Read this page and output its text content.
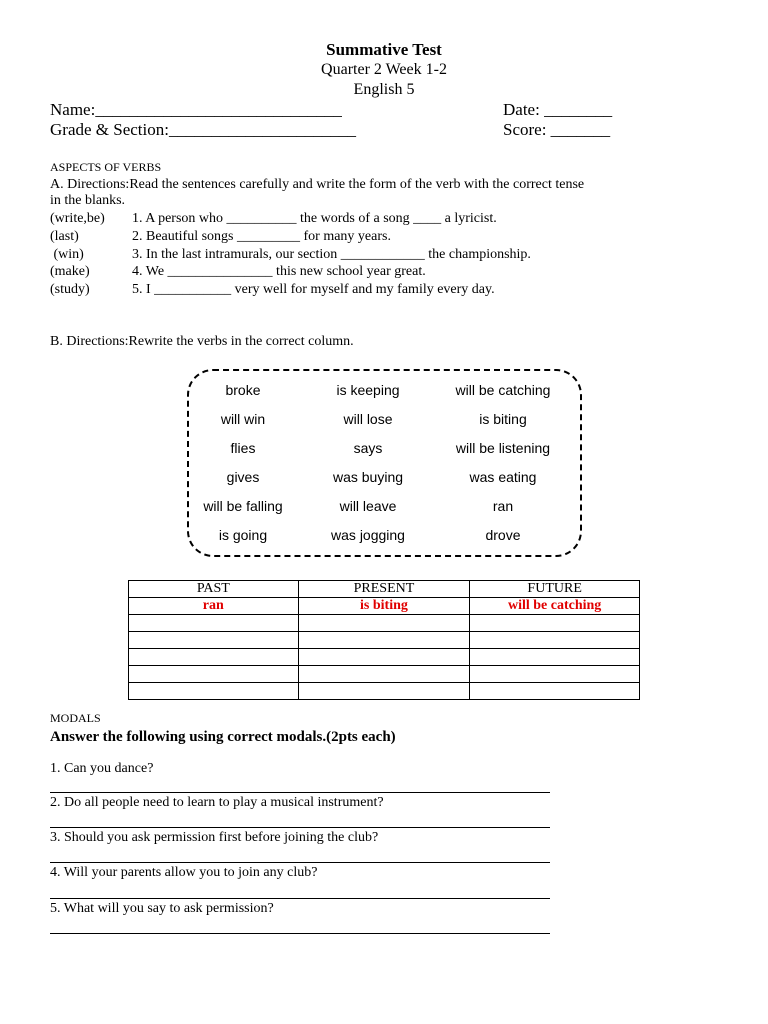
Summative Test
Quarter 2 Week 1-2
English 5
Name:_____________________________	Date: ________
Grade & Section:______________________	Score: _______
ASPECTS OF VERBS
A. Directions:Read the sentences carefully and write the form of the verb with the correct tense
in the blanks.
(write,be) 1. A person who __________ the words of a song ____ a lyricist.
(last)	2. Beautiful songs _________ for many years.
(win)	3. In the last intramurals, our section ____________ the championship.
(make)	4. We _______________ this new school year great.
(study)	5. I ___________ very well for myself and my family every day.
B. Directions:Rewrite the verbs in the correct column.
broke	is keeping	will be catching
will win	will lose	is biting
flies	says	will be listening
gives	was buying	was eating
will be falling	will leave	ran
is going	was jogging	drove
PAST	PRESENT	FUTURE
ran	is biting	will be catching

MODALS
Answer the following using correct modals.(2pts each)
1. Can you dance?
2. Do all people need to learn to play a musical instrument?
3. Should you ask permission first before joining the club?
4. Will your parents allow you to join any club?
5. What will you say to ask permission?
